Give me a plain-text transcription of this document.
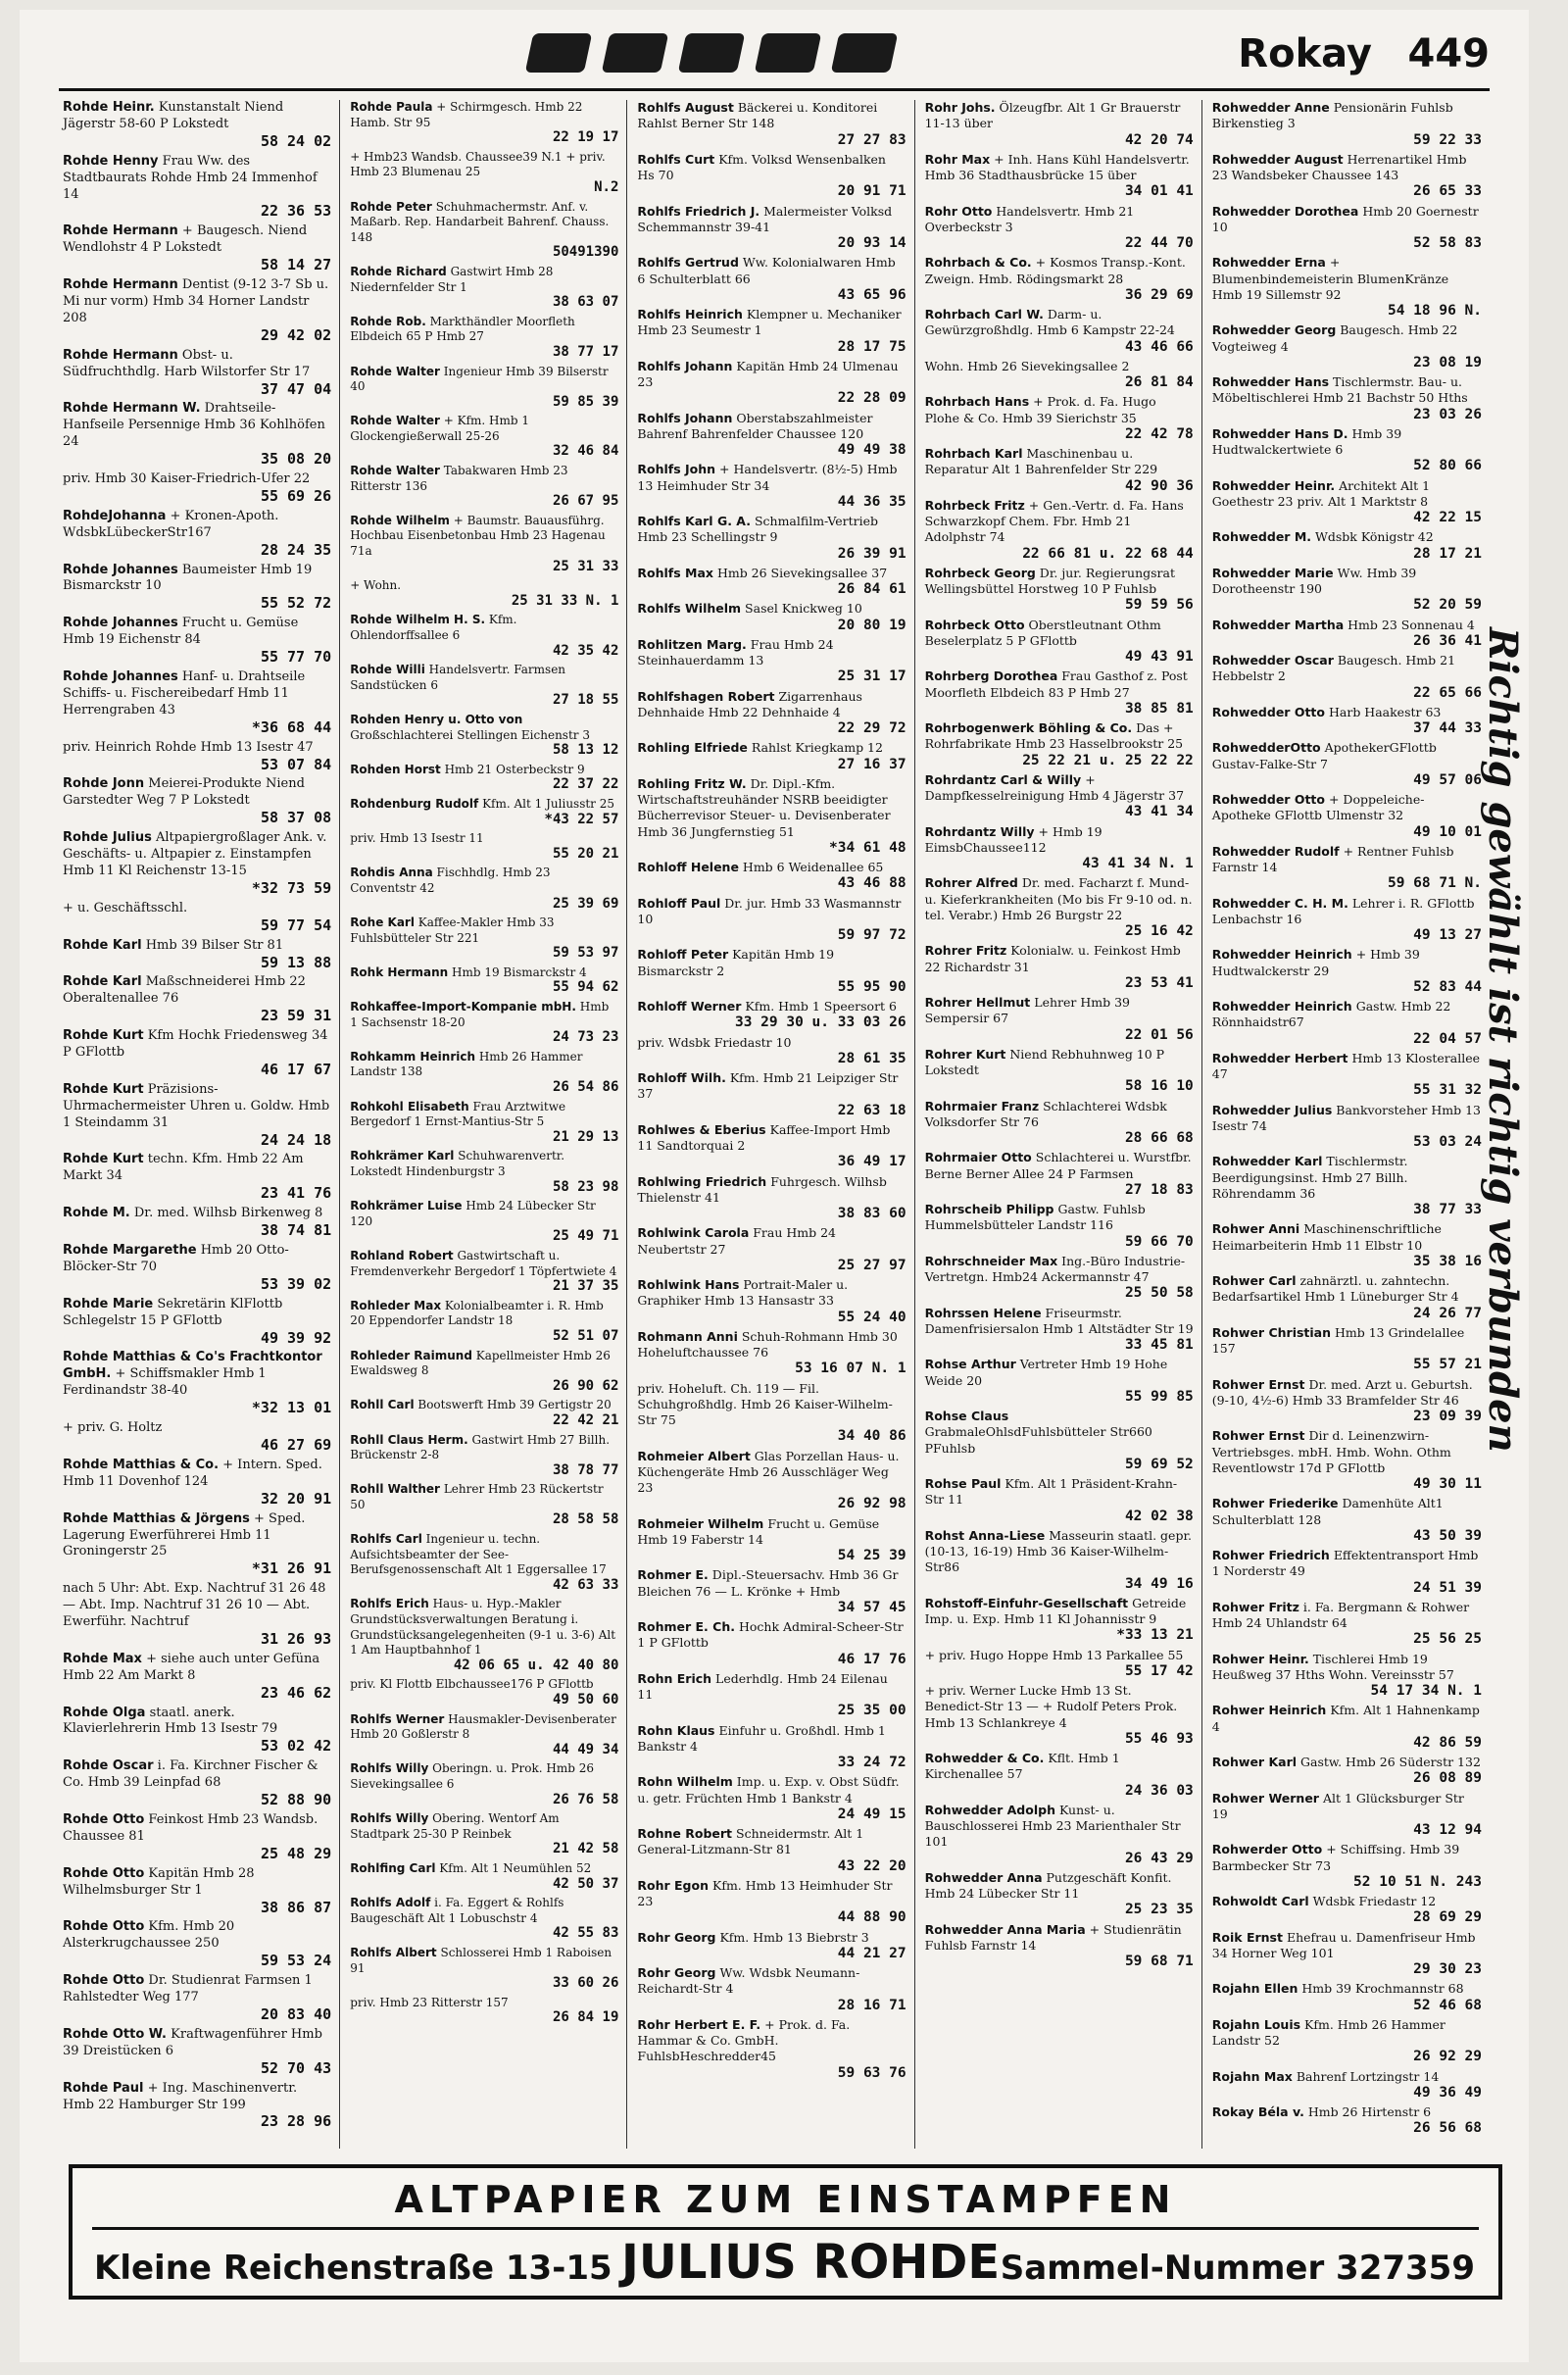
Rokay 449
Rohde Heinr. Kunstanstalt Niend Jägerstr 58-60 P Lokstedt
58 24 02
Rohde Henny Frau Ww. des Stadtbaurats Rohde Hmb 24 Immenhof 14
22 36 53
Rohde Hermann + Baugesch. Niend Wendlohstr 4 P Lokstedt
58 14 27
Rohde Hermann Dentist (9-12 3-7 Sb u. Mi nur vorm) Hmb 34 Horner Landstr 208
29 42 02
Rohde Hermann Obst- u. Südfruchthdlg. Harb Wilstorfer Str 17
37 47 04
Rohde Hermann W. Drahtseile-Hanfseile Persennige Hmb 36 Kohlhöfen 24
35 08 20
priv. Hmb 30 Kaiser-Friedrich-Ufer 22
55 69 26
RohdeJohanna + Kronen-Apoth. WdsbkLübeckerStr167
28 24 35
Rohde Johannes Baumeister Hmb 19 Bismarckstr 10
55 52 72
Rohde Johannes Frucht u. Gemüse Hmb 19 Eichenstr 84
55 77 70
Rohde Johannes Hanf- u. Drahtseile Schiffs- u. Fischereibedarf Hmb 11 Herrengraben 43
*36 68 44
priv. Heinrich Rohde Hmb 13 Isestr 47
53 07 84
Rohde Jonn Meierei-Produkte Niend Garstedter Weg 7 P Lokstedt
58 37 08
Rohde Julius Altpapiergroßlager Ank. v. Geschäfts- u. Altpapier z. Einstampfen Hmb 11 Kl Reichenstr 13-15
*32 73 59
+ u. Geschäftsschl.
59 77 54
Rohde Karl Hmb 39 Bilser Str 81
59 13 88
Rohde Karl Maßschneiderei Hmb 22 Oberaltenallee 76
23 59 31
Rohde Kurt Kfm Hochk Friedensweg 34 P GFlottb
46 17 67
Rohde Kurt Präzisions-Uhrmachermeister Uhren u. Goldw. Hmb 1 Steindamm 31
24 24 18
Rohde Kurt techn. Kfm. Hmb 22 Am Markt 34
23 41 76
Rohde M. Dr. med. Wilhsb Birkenweg 8
38 74 81
Rohde Margarethe Hmb 20 Otto-Blöcker-Str 70
53 39 02
Rohde Marie Sekretärin KlFlottb Schlegelstr 15 P GFlottb
49 39 92
Rohde Matthias & Co's Frachtkontor GmbH. + Schiffsmakler Hmb 1 Ferdinandstr 38-40
*32 13 01
+ priv. G. Holtz
46 27 69
Rohde Matthias & Co. + Intern. Sped. Hmb 11 Dovenhof 124
32 20 91
Rohde Matthias & Jörgens + Sped. Lagerung Ewerführerei Hmb 11 Groningerstr 25
*31 26 91
nach 5 Uhr: Abt. Exp. Nachtruf 31 26 48 — Abt. Imp. Nachtruf 31 26 10 — Abt. Ewerführ. Nachtruf
31 26 93
Rohde Max + siehe auch unter Gefüna Hmb 22 Am Markt 8
23 46 62
Rohde Olga staatl. anerk. Klavierlehrerin Hmb 13 Isestr 79
53 02 42
Rohde Oscar i. Fa. Kirchner Fischer & Co. Hmb 39 Leinpfad 68
52 88 90
Rohde Otto Feinkost Hmb 23 Wandsb. Chaussee 81
25 48 29
Rohde Otto Kapitän Hmb 28 Wilhelmsburger Str 1
38 86 87
Rohde Otto Kfm. Hmb 20 Alsterkrugchaussee 250
59 53 24
Rohde Otto Dr. Studienrat Farmsen 1 Rahlstedter Weg 177
20 83 40
Rohde Otto W. Kraftwagenführer Hmb 39 Dreistücken 6
52 70 43
Rohde Paul + Ing. Maschinenvertr. Hmb 22 Hamburger Str 199
23 28 96
Rohde Paula + Schirmgesch. Hmb 22 Hamb. Str 95
22 19 17
+ Hmb23 Wandsb. Chaussee39 N.1 + priv. Hmb 23 Blumenau 25
N.2
Rohde Peter Schuhmachermstr. Anf. v. Maßarb. Rep. Handarbeit Bahrenf. Chauss. 148
50491390
Rohde Richard Gastwirt Hmb 28 Niedernfelder Str 1
38 63 07
Rohde Rob. Markthändler Moorfleth Elbdeich 65 P Hmb 27
38 77 17
Rohde Walter Ingenieur Hmb 39 Bilserstr 40
59 85 39
Rohde Walter + Kfm. Hmb 1 Glockengießerwall 25-26
32 46 84
Rohde Walter Tabakwaren Hmb 23 Ritterstr 136
26 67 95
Rohde Wilhelm + Baumstr. Bauausführg. Hochbau Eisenbetonbau Hmb 23 Hagenau 71a
25 31 33
+ Wohn.
25 31 33 N. 1
Rohde Wilhelm H. S. Kfm. Ohlendorffsallee 6
42 35 42
Rohde Willi Handelsvertr. Farmsen Sandstücken 6
27 18 55
Rohden Henry u. Otto von Großschlachterei Stellingen Eichenstr 3
58 13 12
Rohden Horst Hmb 21 Osterbeckstr 9
22 37 22
Rohdenburg Rudolf Kfm. Alt 1 Juliusstr 25
*43 22 57
priv. Hmb 13 Isestr 11
55 20 21
Rohdis Anna Fischhdlg. Hmb 23 Conventstr 42
25 39 69
Rohe Karl Kaffee-Makler Hmb 33 Fuhlsbütteler Str 221
59 53 97
Rohk Hermann Hmb 19 Bismarckstr 4
55 94 62
Rohkaffee-Import-Kompanie mbH. Hmb 1 Sachsenstr 18-20
24 73 23
Rohkamm Heinrich Hmb 26 Hammer Landstr 138
26 54 86
Rohkohl Elisabeth Frau Arztwitwe Bergedorf 1 Ernst-Mantius-Str 5
21 29 13
Rohkrämer Karl Schuhwarenvertr. Lokstedt Hindenburgstr 3
58 23 98
Rohkrämer Luise Hmb 24 Lübecker Str 120
25 49 71
Rohland Robert Gastwirtschaft u. Fremdenverkehr Bergedorf 1 Töpfertwiete 4
21 37 35
Rohleder Max Kolonialbeamter i. R. Hmb 20 Eppendorfer Landstr 18
52 51 07
Rohleder Raimund Kapellmeister Hmb 26 Ewaldsweg 8
26 90 62
Rohll Carl Bootswerft Hmb 39 Gertigstr 20
22 42 21
Rohll Claus Herm. Gastwirt Hmb 27 Billh. Brückenstr 2-8
38 78 77
Rohll Walther Lehrer Hmb 23 Rückertstr 50
28 58 58
Rohlfs Carl Ingenieur u. techn. Aufsichtsbeamter der See-Berufsgenossenschaft Alt 1 Eggersallee 17
42 63 33
Rohlfs Erich Haus- u. Hyp.-Makler Grundstücksverwaltungen Beratung i. Grundstücksangelegenheiten (9-1 u. 3-6) Alt 1 Am Hauptbahnhof 1
42 06 65 u. 42 40 80
priv. Kl Flottb Elbchaussee176 P GFlottb
49 50 60
Rohlfs Werner Hausmakler-Devisenberater Hmb 20 Goßlerstr 8
44 49 34
Rohlfs Willy Oberingn. u. Prok. Hmb 26 Sievekingsallee 6
26 76 58
Rohlfs Willy Obering. Wentorf Am Stadtpark 25-30 P Reinbek
21 42 58
Rohlfing Carl Kfm. Alt 1 Neumühlen 52
42 50 37
Rohlfs Adolf i. Fa. Eggert & Rohlfs Baugeschäft Alt 1 Lobuschstr 4
42 55 83
Rohlfs Albert Schlosserei Hmb 1 Raboisen 91
33 60 26
priv. Hmb 23 Ritterstr 157
26 84 19
Rohlfs August Bäckerei u. Konditorei Rahlst Berner Str 148
27 27 83
Rohlfs Curt Kfm. Volksd Wensenbalken Hs 70
20 91 71
Rohlfs Friedrich J. Malermeister Volksd Schemmannstr 39-41
20 93 14
Rohlfs Gertrud Ww. Kolonialwaren Hmb 6 Schulterblatt 66
43 65 96
Rohlfs Heinrich Klempner u. Mechaniker Hmb 23 Seumestr 1
28 17 75
Rohlfs Johann Kapitän Hmb 24 Ulmenau 23
22 28 09
Rohlfs Johann Oberstabszahlmeister Bahrenf Bahrenfelder Chaussee 120
49 49 38
Rohlfs John + Handelsvertr. (8½-5) Hmb 13 Heimhuder Str 34
44 36 35
Rohlfs Karl G. A. Schmalfilm-Vertrieb Hmb 23 Schellingstr 9
26 39 91
Rohlfs Max Hmb 26 Sievekingsallee 37
26 84 61
Rohlfs Wilhelm Sasel Knickweg 10
20 80 19
Rohlitzen Marg. Frau Hmb 24 Steinhauerdamm 13
25 31 17
Rohlfshagen Robert Zigarrenhaus Dehnhaide Hmb 22 Dehnhaide 4
22 29 72
Rohling Elfriede Rahlst Kriegkamp 12
27 16 37
Rohling Fritz W. Dr. Dipl.-Kfm. Wirtschaftstreuhänder NSRB beeidigter Bücherrevisor Steuer- u. Devisenberater Hmb 36 Jungfernstieg 51
*34 61 48
Rohloff Helene Hmb 6 Weidenallee 65
43 46 88
Rohloff Paul Dr. jur. Hmb 33 Wasmannstr 10
59 97 72
Rohloff Peter Kapitän Hmb 19 Bismarckstr 2
55 95 90
Rohloff Werner Kfm. Hmb 1 Speersort 6
33 29 30 u. 33 03 26
priv. Wdsbk Friedastr 10
28 61 35
Rohloff Wilh. Kfm. Hmb 21 Leipziger Str 37
22 63 18
Rohlwes & Eberius Kaffee-Import Hmb 11 Sandtorquai 2
36 49 17
Rohlwing Friedrich Fuhrgesch. Wilhsb Thielenstr 41
38 83 60
Rohlwink Carola Frau Hmb 24 Neubertstr 27
25 27 97
Rohlwink Hans Portrait-Maler u. Graphiker Hmb 13 Hansastr 33
55 24 40
Rohmann Anni Schuh-Rohmann Hmb 30 Hoheluftchaussee 76
53 16 07 N. 1
priv. Hoheluft. Ch. 119 — Fil. Schuhgroßhdlg. Hmb 26 Kaiser-Wilhelm-Str 75
34 40 86
Rohmeier Albert Glas Porzellan Haus- u. Küchengeräte Hmb 26 Ausschläger Weg 23
26 92 98
Rohmeier Wilhelm Frucht u. Gemüse Hmb 19 Faberstr 14
54 25 39
Rohmer E. Dipl.-Steuersachv. Hmb 36 Gr Bleichen 76 — L. Krönke + Hmb
34 57 45
Rohmer E. Ch. Hochk Admiral-Scheer-Str 1 P GFlottb
46 17 76
Rohn Erich Lederhdlg. Hmb 24 Eilenau 11
25 35 00
Rohn Klaus Einfuhr u. Großhdl. Hmb 1 Bankstr 4
33 24 72
Rohn Wilhelm Imp. u. Exp. v. Obst Südfr. u. getr. Früchten Hmb 1 Bankstr 4
24 49 15
Rohne Robert Schneidermstr. Alt 1 General-Litzmann-Str 81
43 22 20
Rohr Egon Kfm. Hmb 13 Heimhuder Str 23
44 88 90
Rohr Georg Kfm. Hmb 13 Biebrstr 3
44 21 27
Rohr Georg Ww. Wdsbk Neumann-Reichardt-Str 4
28 16 71
Rohr Herbert E. F. + Prok. d. Fa. Hammar & Co. GmbH. FuhlsbHeschredder45
59 63 76
Rohr Johs. Ölzeugfbr. Alt 1 Gr Brauerstr 11-13 über
42 20 74
Rohr Max + Inh. Hans Kühl Handelsvertr. Hmb 36 Stadthausbrücke 15 über
34 01 41
Rohr Otto Handelsvertr. Hmb 21 Overbeckstr 3
22 44 70
Rohrbach & Co. + Kosmos Transp.-Kont. Zweign. Hmb. Rödingsmarkt 28
36 29 69
Rohrbach Carl W. Darm- u. Gewürzgroßhdlg. Hmb 6 Kampstr 22-24
43 46 66
Wohn. Hmb 26 Sievekingsallee 2
26 81 84
Rohrbach Hans + Prok. d. Fa. Hugo Plohe & Co. Hmb 39 Sierichstr 35
22 42 78
Rohrbach Karl Maschinenbau u. Reparatur Alt 1 Bahrenfelder Str 229
42 90 36
Rohrbeck Fritz + Gen.-Vertr. d. Fa. Hans Schwarzkopf Chem. Fbr. Hmb 21 Adolphstr 74
22 66 81 u. 22 68 44
Rohrbeck Georg Dr. jur. Regierungsrat Wellingsbüttel Horstweg 10 P Fuhlsb
59 59 56
Rohrbeck Otto Oberstleutnant Othm Beselerplatz 5 P GFlottb
49 43 91
Rohrberg Dorothea Frau Gasthof z. Post Moorfleth Elbdeich 83 P Hmb 27
38 85 81
Rohrbogenwerk Böhling & Co. Das + Rohrfabrikate Hmb 23 Hasselbrookstr 25
25 22 21 u. 25 22 22
Rohrdantz Carl & Willy + Dampfkesselreinigung Hmb 4 Jägerstr 37
43 41 34
Rohrdantz Willy + Hmb 19 EimsbChaussee112
43 41 34 N. 1
Rohrer Alfred Dr. med. Facharzt f. Mund- u. Kieferkrankheiten (Mo bis Fr 9-10 od. n. tel. Verabr.) Hmb 26 Burgstr 22
25 16 42
Rohrer Fritz Kolonialw. u. Feinkost Hmb 22 Richardstr 31
23 53 41
Rohrer Hellmut Lehrer Hmb 39 Sempersir 67
22 01 56
Rohrer Kurt Niend Rebhuhnweg 10 P Lokstedt
58 16 10
Rohrmaier Franz Schlachterei Wdsbk Volksdorfer Str 76
28 66 68
Rohrmaier Otto Schlachterei u. Wurstfbr. Berne Berner Allee 24 P Farmsen
27 18 83
Rohrscheib Philipp Gastw. Fuhlsb Hummelsbütteler Landstr 116
59 66 70
Rohrschneider Max Ing.-Büro Industrie-Vertretgn. Hmb24 Ackermannstr 47
25 50 58
Rohrssen Helene Friseurmstr. Damenfrisiersalon Hmb 1 Altstädter Str 19
33 45 81
Rohse Arthur Vertreter Hmb 19 Hohe Weide 20
55 99 85
Rohse Claus GrabmaleOhlsdFuhlsbütteler Str660 PFuhlsb
59 69 52
Rohse Paul Kfm. Alt 1 Präsident-Krahn-Str 11
42 02 38
Rohst Anna-Liese Masseurin staatl. gepr.(10-13, 16-19) Hmb 36 Kaiser-Wilhelm-Str86
34 49 16
Rohstoff-Einfuhr-Gesellschaft Getreide Imp. u. Exp. Hmb 11 Kl Johannisstr 9
*33 13 21
+ priv. Hugo Hoppe Hmb 13 Parkallee 55
55 17 42
+ priv. Werner Lucke Hmb 13 St. Benedict-Str 13 — + Rudolf Peters Prok. Hmb 13 Schlankreye 4
55 46 93
Rohwedder & Co. Kflt. Hmb 1 Kirchenallee 57
24 36 03
Rohwedder Adolph Kunst- u. Bauschlosserei Hmb 23 Marienthaler Str 101
26 43 29
Rohwedder Anna Putzgeschäft Konfit. Hmb 24 Lübecker Str 11
25 23 35
Rohwedder Anna Maria + Studienrätin Fuhlsb Farnstr 14
59 68 71
Rohwedder Anne Pensionärin Fuhlsb Birkenstieg 3
59 22 33
Rohwedder August Herrenartikel Hmb 23 Wandsbeker Chaussee 143
26 65 33
Rohwedder Dorothea Hmb 20 Goernestr 10
52 58 83
Rohwedder Erna + Blumenbindemeisterin BlumenKränze Hmb 19 Sillemstr 92
54 18 96 N.
Rohwedder Georg Baugesch. Hmb 22 Vogteiweg 4
23 08 19
Rohwedder Hans Tischlermstr. Bau- u. Möbeltischlerei Hmb 21 Bachstr 50 Hths
23 03 26
Rohwedder Hans D. Hmb 39 Hudtwalckertwiete 6
52 80 66
Rohwedder Heinr. Architekt Alt 1 Goethestr 23 priv. Alt 1 Marktstr 8
42 22 15
Rohwedder M. Wdsbk Königstr 42
28 17 21
Rohwedder Marie Ww. Hmb 39 Dorotheenstr 190
52 20 59
Rohwedder Martha Hmb 23 Sonnenau 4
26 36 41
Rohwedder Oscar Baugesch. Hmb 21 Hebbelstr 2
22 65 66
Rohwedder Otto Harb Haakestr 63
37 44 33
RohwedderOtto ApothekerGFlottb Gustav-Falke-Str 7
49 57 06
Rohwedder Otto + Doppeleiche-Apotheke GFlottb Ulmenstr 32
49 10 01
Rohwedder Rudolf + Rentner Fuhlsb Farnstr 14
59 68 71 N.
Rohwedder C. H. M. Lehrer i. R. GFlottb Lenbachstr 16
49 13 27
Rohwedder Heinrich + Hmb 39 Hudtwalckerstr 29
52 83 44
Rohwedder Heinrich Gastw. Hmb 22 Rönnhaidstr67
22 04 57
Rohwedder Herbert Hmb 13 Klosterallee 47
55 31 32
Rohwedder Julius Bankvorsteher Hmb 13 Isestr 74
53 03 24
Rohwedder Karl Tischlermstr. Beerdigungsinst. Hmb 27 Billh. Röhrendamm 36
38 77 33
Rohwer Anni Maschinenschriftliche Heimarbeiterin Hmb 11 Elbstr 10
35 38 16
Rohwer Carl zahnärztl. u. zahntechn. Bedarfsartikel Hmb 1 Lüneburger Str 4
24 26 77
Rohwer Christian Hmb 13 Grindelallee 157
55 57 21
Rohwer Ernst Dr. med. Arzt u. Geburtsh. (9-10, 4½-6) Hmb 33 Bramfelder Str 46
23 09 39
Rohwer Ernst Dir d. Leinenzwirn-Vertriebsges. mbH. Hmb. Wohn. Othm Reventlowstr 17d P GFlottb
49 30 11
Rohwer Friederike Damenhüte Alt1 Schulterblatt 128
43 50 39
Rohwer Friedrich Effektentransport Hmb 1 Norderstr 49
24 51 39
Rohwer Fritz i. Fa. Bergmann & Rohwer Hmb 24 Uhlandstr 64
25 56 25
Rohwer Heinr. Tischlerei Hmb 19 Heußweg 37 Hths Wohn. Vereinsstr 57
54 17 34 N. 1
Rohwer Heinrich Kfm. Alt 1 Hahnenkamp 4
42 86 59
Rohwer Karl Gastw. Hmb 26 Süderstr 132
26 08 89
Rohwer Werner Alt 1 Glücksburger Str 19
43 12 94
Rohwerder Otto + Schiffsing. Hmb 39 Barmbecker Str 73
52 10 51 N. 243
Rohwoldt Carl Wdsbk Friedastr 12
28 69 29
Roik Ernst Ehefrau u. Damenfriseur Hmb 34 Horner Weg 101
29 30 23
Rojahn Ellen Hmb 39 Krochmannstr 68
52 46 68
Rojahn Louis Kfm. Hmb 26 Hammer Landstr 52
26 92 29
Rojahn Max Bahrenf Lortzingstr 14
49 36 49
Rokay Béla v. Hmb 26 Hirtenstr 6
26 56 68
ALTPAPIER ZUM EINSTAMPFEN
Kleine Reichenstraße 13-15 JULIUS ROHDE Sammel-Nummer 327359
Richtig gewählt ist richtig verbunden
